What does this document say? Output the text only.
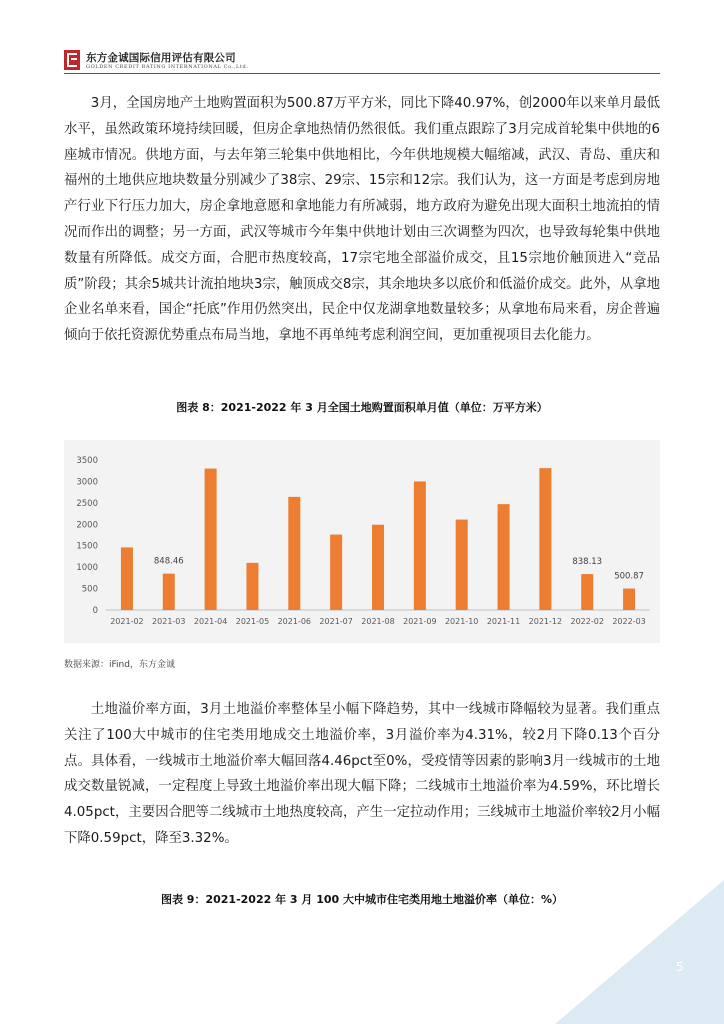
东方金诚国际信用评估有限公司
GOLDEN CREDIT RATING INTERNATIONAL Co.,Ltd.

3月，全国房地产土地购置面积为500.87万平方米，同比下降40.97%，创2000年以来单月最低水平，虽然政策环境持续回暖，但房企拿地热情仍然很低。我们重点跟踪了3月完成首轮集中供地的6座城市情况。供地方面，与去年第三轮集中供地相比，今年供地规模大幅缩减，武汉、青岛、重庆和福州的土地供应地块数量分别减少了38宗、29宗、15宗和12宗。我们认为，这一方面是考虑到房地产行业下行压力加大，房企拿地意愿和拿地能力有所减弱，地方政府为避免出现大面积土地流拍的情况而作出的调整；另一方面，武汉等城市今年集中供地计划由三次调整为四次，也导致每轮集中供地数量有所降低。成交方面，合肥市热度较高，17宗宅地全部溢价成交，且15宗地价触顶进入“竞品质”阶段；其余5城共计流拍地块3宗，触顶成交8宗，其余地块多以底价和低溢价成交。此外，从拿地企业名单来看，国企“托底”作用仍然突出，民企中仅龙湖拿地数量较多；从拿地布局来看，房企普遍倾向于依托资源优势重点布局当地，拿地不再单纯考虑利润空间，更加重视项目去化能力。

图表 8：2021-2022 年 3 月全国土地购置面积单月值（单位：万平方米）
0
500
1000
1500
2000
2500
3000
3500
848.46	838.13
500.87
2021-02 2021-03 2021-04 2021-05 2021-06 2021-07 2021-08 2021-09 2021-10 2021-11 2021-12 2022-02 2022-03
数据来源：iFind，东方金诚

土地溢价率方面，3月土地溢价率整体呈小幅下降趋势，其中一线城市降幅较为显著。我们重点关注了100大中城市的住宅类用地成交土地溢价率，3月溢价率为4.31%，较2月下降0.13个百分点。具体看，一线城市土地溢价率大幅回落4.46pct至0%，受疫情等因素的影响3月一线城市的土地成交数量锐减，一定程度上导致土地溢价率出现大幅下降；二线城市土地溢价率为4.59%，环比增长4.05pct，主要因合肥等二线城市土地热度较高，产生一定拉动作用；三线城市土地溢价率较2月小幅下降0.59pct，降至3.32%。

图表 9：2021-2022 年 3 月 100 大中城市住宅类用地土地溢价率（单位：%）
5
